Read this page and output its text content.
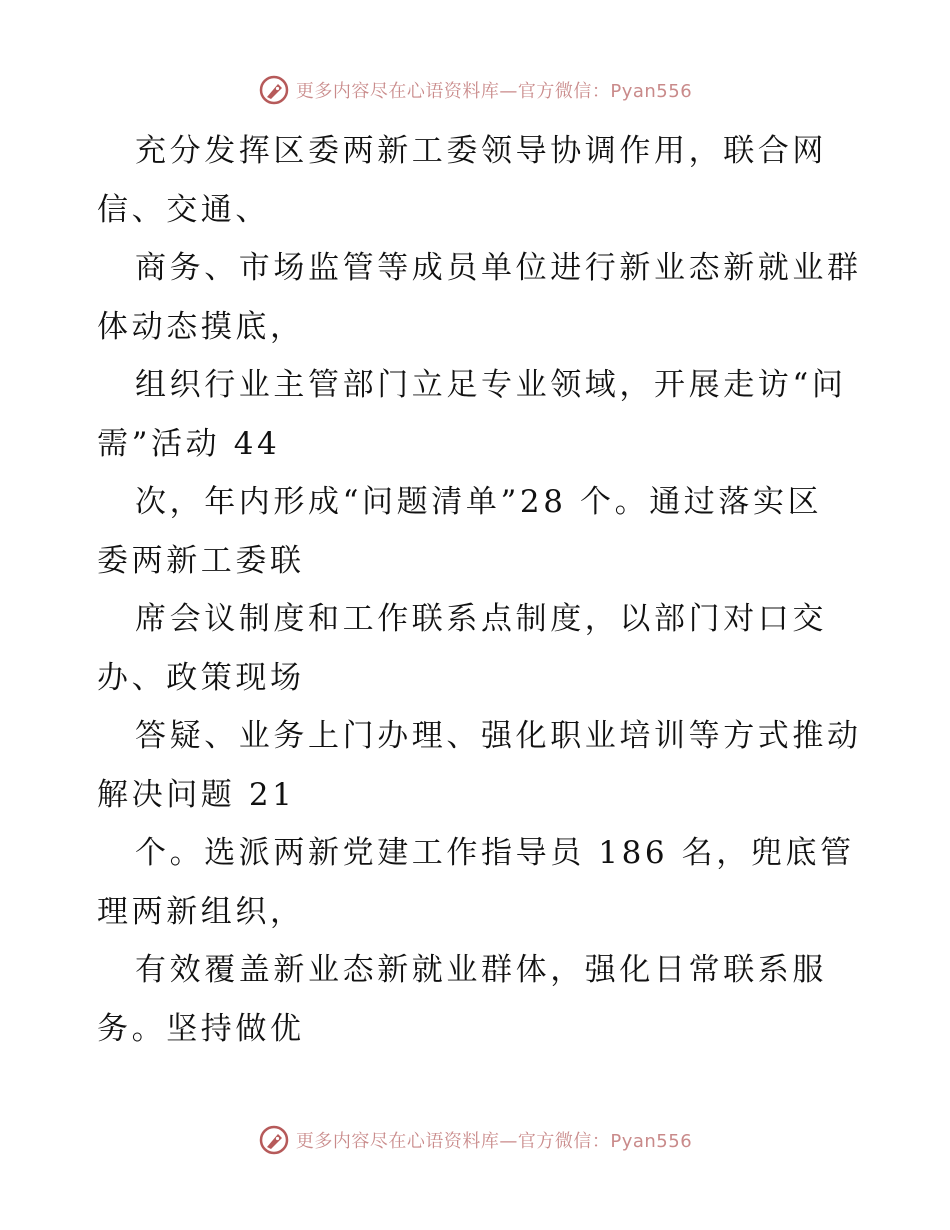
更多内容尽在心语资料库—官方微信：Pyan556
充分发挥区委两新工委领导协调作用，联合网
信、交通、
商务、市场监管等成员单位进行新业态新就业群
体动态摸底，
组织行业主管部门立足专业领域，开展走访“问
需”活动 44
次，年内形成“问题清单”28 个。通过落实区
委两新工委联
席会议制度和工作联系点制度，以部门对口交
办、政策现场
答疑、业务上门办理、强化职业培训等方式推动
解决问题 21
个。选派两新党建工作指导员 186 名，兜底管
理两新组织，
有效覆盖新业态新就业群体，强化日常联系服
务。坚持做优
更多内容尽在心语资料库—官方微信：Pyan556
